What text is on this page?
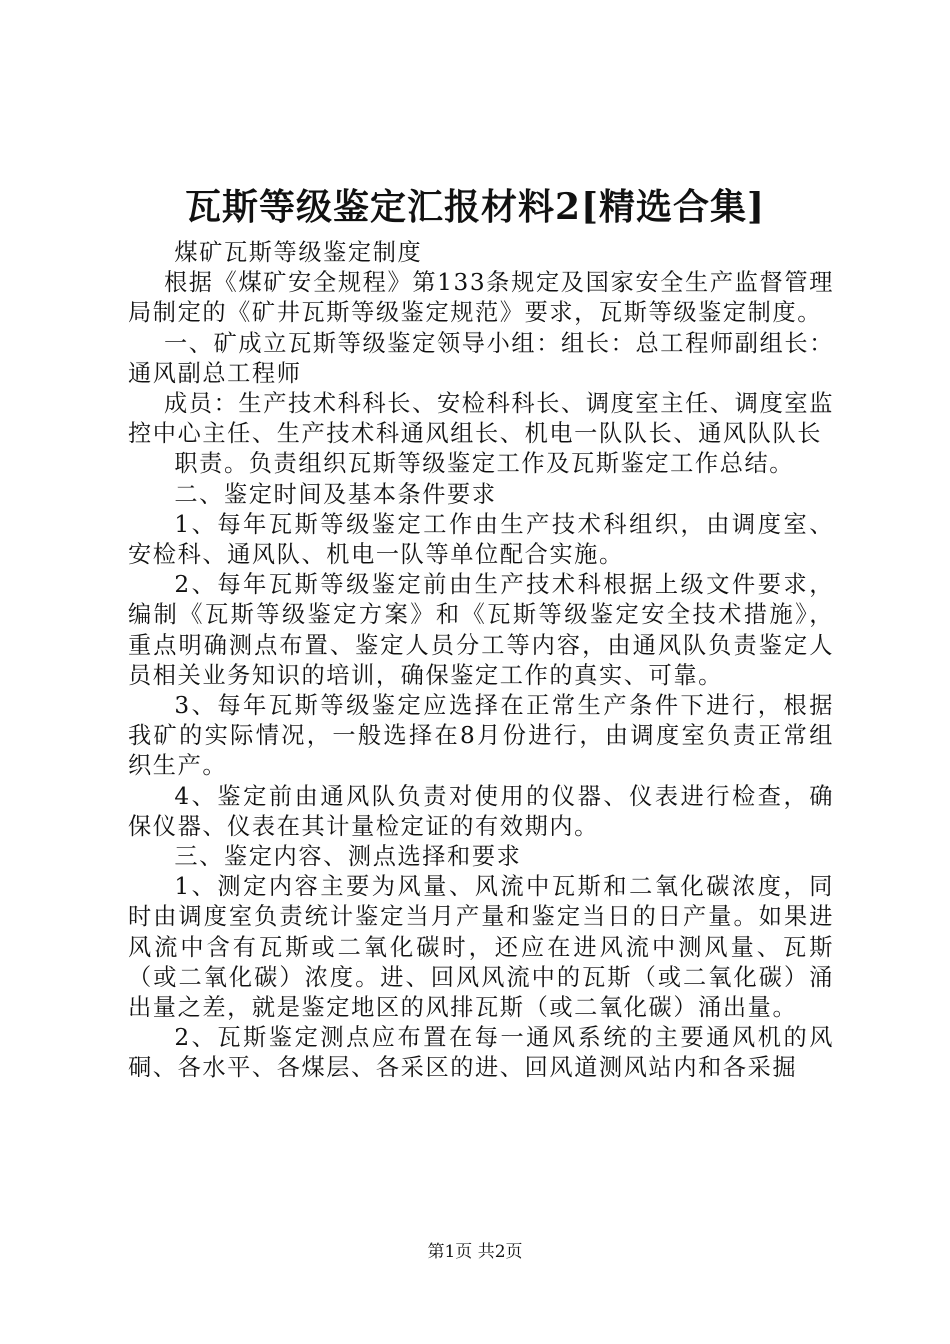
瓦斯等级鉴定汇报材料2[精选合集]

煤矿瓦斯等级鉴定制度

根据《煤矿安全规程》第133条规定及国家安全生产监督管理局制定的《矿井瓦斯等级鉴定规范》要求，瓦斯等级鉴定制度。

一、矿成立瓦斯等级鉴定领导小组：组长：总工程师副组长：通风副总工程师

成员：生产技术科科长、安检科科长、调度室主任、调度室监控中心主任、生产技术科通风组长、机电一队队长、通风队队长

职责。负责组织瓦斯等级鉴定工作及瓦斯鉴定工作总结。

二、鉴定时间及基本条件要求

1、每年瓦斯等级鉴定工作由生产技术科组织，由调度室、安检科、通风队、机电一队等单位配合实施。

2、每年瓦斯等级鉴定前由生产技术科根据上级文件要求，编制《瓦斯等级鉴定方案》和《瓦斯等级鉴定安全技术措施》，重点明确测点布置、鉴定人员分工等内容，由通风队负责鉴定人员相关业务知识的培训，确保鉴定工作的真实、可靠。

3、每年瓦斯等级鉴定应选择在正常生产条件下进行，根据我矿的实际情况，一般选择在8月份进行，由调度室负责正常组织生产。

4、鉴定前由通风队负责对使用的仪器、仪表进行检查，确保仪器、仪表在其计量检定证的有效期内。

三、鉴定内容、测点选择和要求

1、测定内容主要为风量、风流中瓦斯和二氧化碳浓度，同时由调度室负责统计鉴定当月产量和鉴定当日的日产量。如果进风流中含有瓦斯或二氧化碳时，还应在进风流中测风量、瓦斯（或二氧化碳）浓度。进、回风风流中的瓦斯（或二氧化碳）涌出量之差，就是鉴定地区的风排瓦斯（或二氧化碳）涌出量。

2、瓦斯鉴定测点应布置在每一通风系统的主要通风机的风硐、各水平、各煤层、各采区的进、回风道测风站内和各采掘

第1页 共2页
